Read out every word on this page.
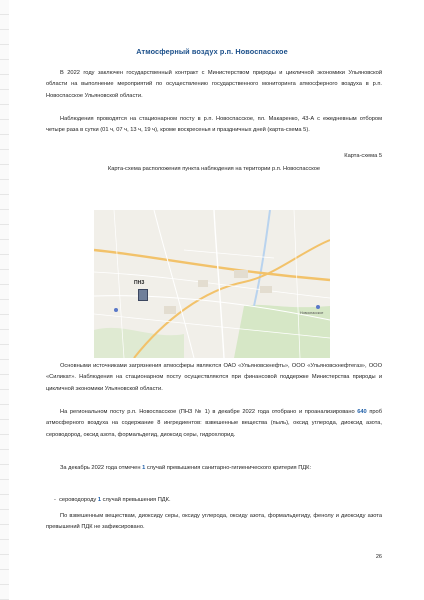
Атмосферный воздух р.п. Новоспасское

В 2022 году заключен государственный контракт с Министерством природы и цикличной экономики Ульяновской области на выполнение мероприятий по осуществлению государственного мониторинга атмосферного воздуха в р.п. Новоспасское Ульяновской области.

Наблюдения проводятся на стационарном посту в р.п. Новоспасское, пл. Макаренко, 43-А с ежедневным отбором четыре раза в сутки (01 ч, 07 ч, 13 ч, 19 ч), кроме воскресенья и праздничных дней (карта-схема 5).

Карта-схема 5
Карта-схема расположения пункта наблюдения на територии р.п. Новоспасское
ПНЗ
Новоспасское

Основными источниками загрязнения атмосферы являются ОАО «Ульяновскнефть», ООО «Ульяновскнефтегаз», ООО «Силикат». Наблюдения на стационарном посту осуществляются при финансовой поддержке Министерства природы и цикличной экономики Ульяновской области.

На региональном посту р.п. Новоспасское (ПНЗ № 1) в декабре 2022 года отобрано и проанализировано 640 проб атмосферного воздуха на содержание 8 ингредиентов: взвешенные вещества (пыль), оксид углерода, диоксид азота, сероводород, оксид азота, формальдегид, диоксид серы, гидрохлорид.

За декабрь 2022 года отмечен 1 случай превышения санитарно-гигиенического критерия ПДК:

- сероводороду 1 случай превышения ПДК.

По взвешенным веществам, диоксиду серы, оксиду углерода, оксиду азота, формальдегиду, фенолу и диоксиду азота превышений ПДК не зафиксировано.

26
